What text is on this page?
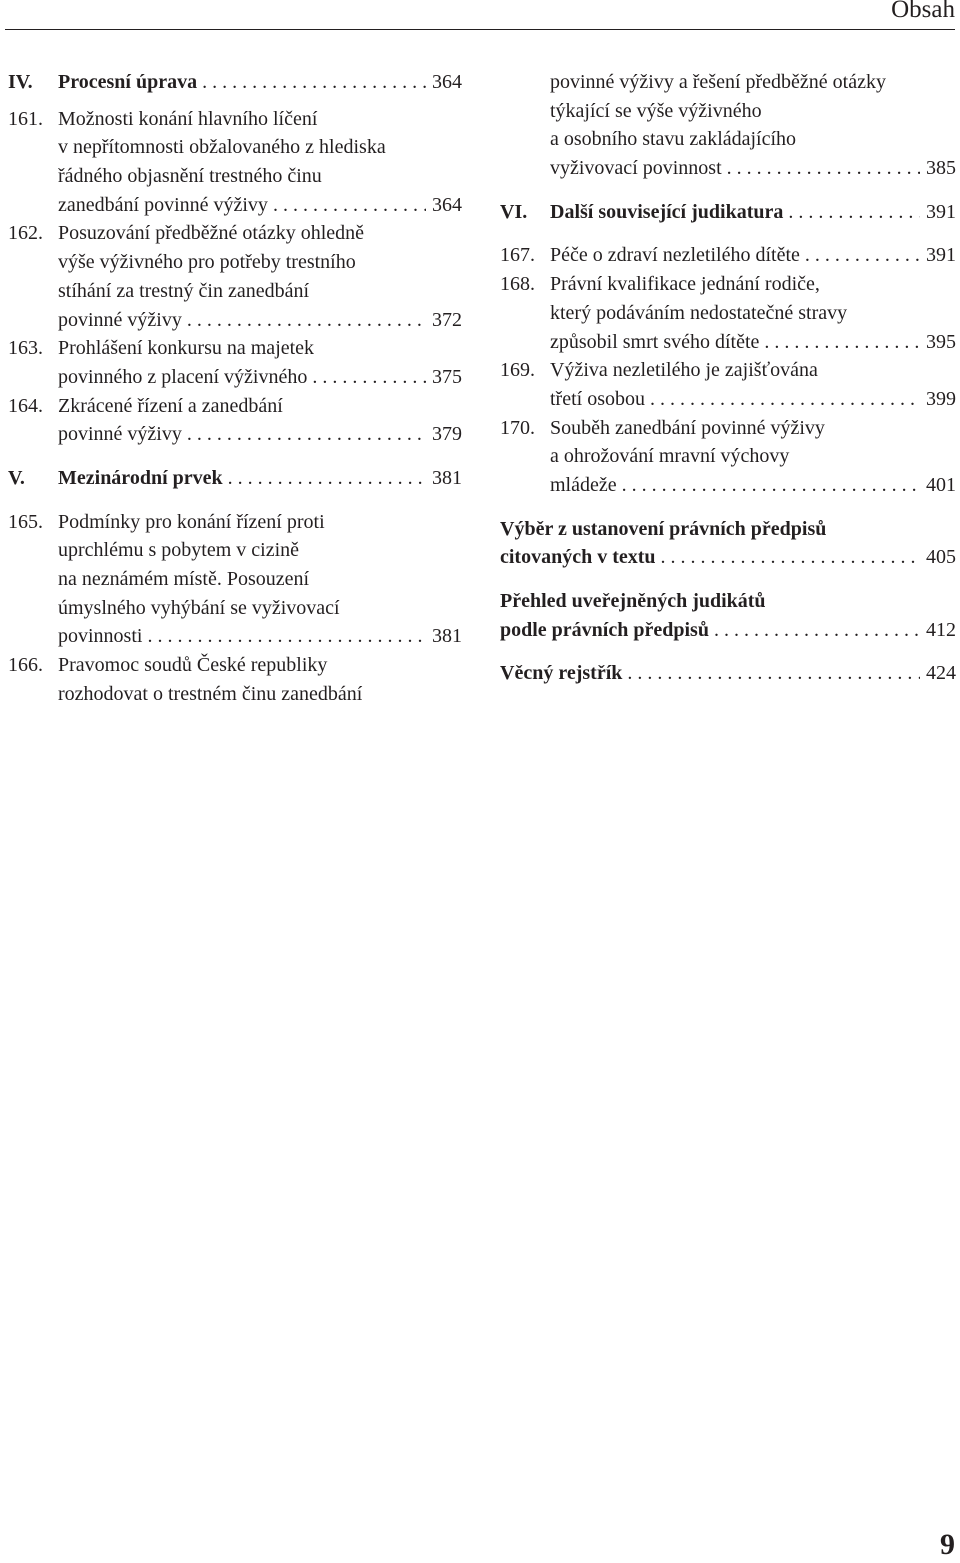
Obsah
IV. Procesní úprava . . .	364
161. Možnosti konání hlavního líčení
v nepřítomnosti obžalovaného z hlediska
řádného objasnění trestného činu
zanedbání povinné výživy . . .	364
162. Posuzování předběžné otázky ohledně
výše výživného pro potřeby trestního
stíhání za trestný čin zanedbání
povinné výživy . . .	372
163. Prohlášení konkursu na majetek
povinného z placení výživného . . .	375
164. Zkrácené řízení a zanedbání
povinné výživy . . .	379
V. Mezinárodní prvek . . .	381
165. Podmínky pro konání řízení proti
uprchlému s pobytem v cizině
na neznámém místě. Posouzení
úmyslného vyhýbání se vyživovací
povinnosti . . .	381
166. Pravomoc soudů České republiky
rozhodovat o trestném činu zanedbání
povinné výživy a řešení předběžné otázky
týkající se výše výživného
a osobního stavu zakládajícího
vyživovací povinnost . . .	385
VI. Další související judikatura . . .	391
167. Péče o zdraví nezletilého dítěte . . .	391
168. Právní kvalifikace jednání rodiče,
který podáváním nedostatečné stravy
způsobil smrt svého dítěte . . .	395
169. Výživa nezletilého je zajišťována
třetí osobou . . .	399
170. Souběh zanedbání povinné výživy
a ohrožování mravní výchovy
mládeže . . .	401
Výběr z ustanovení právních předpisů
citovaných v textu . . .	405
Přehled uveřejněných judikátů
podle právních předpisů . . .	412
Věcný rejstřík . . .	424
9
